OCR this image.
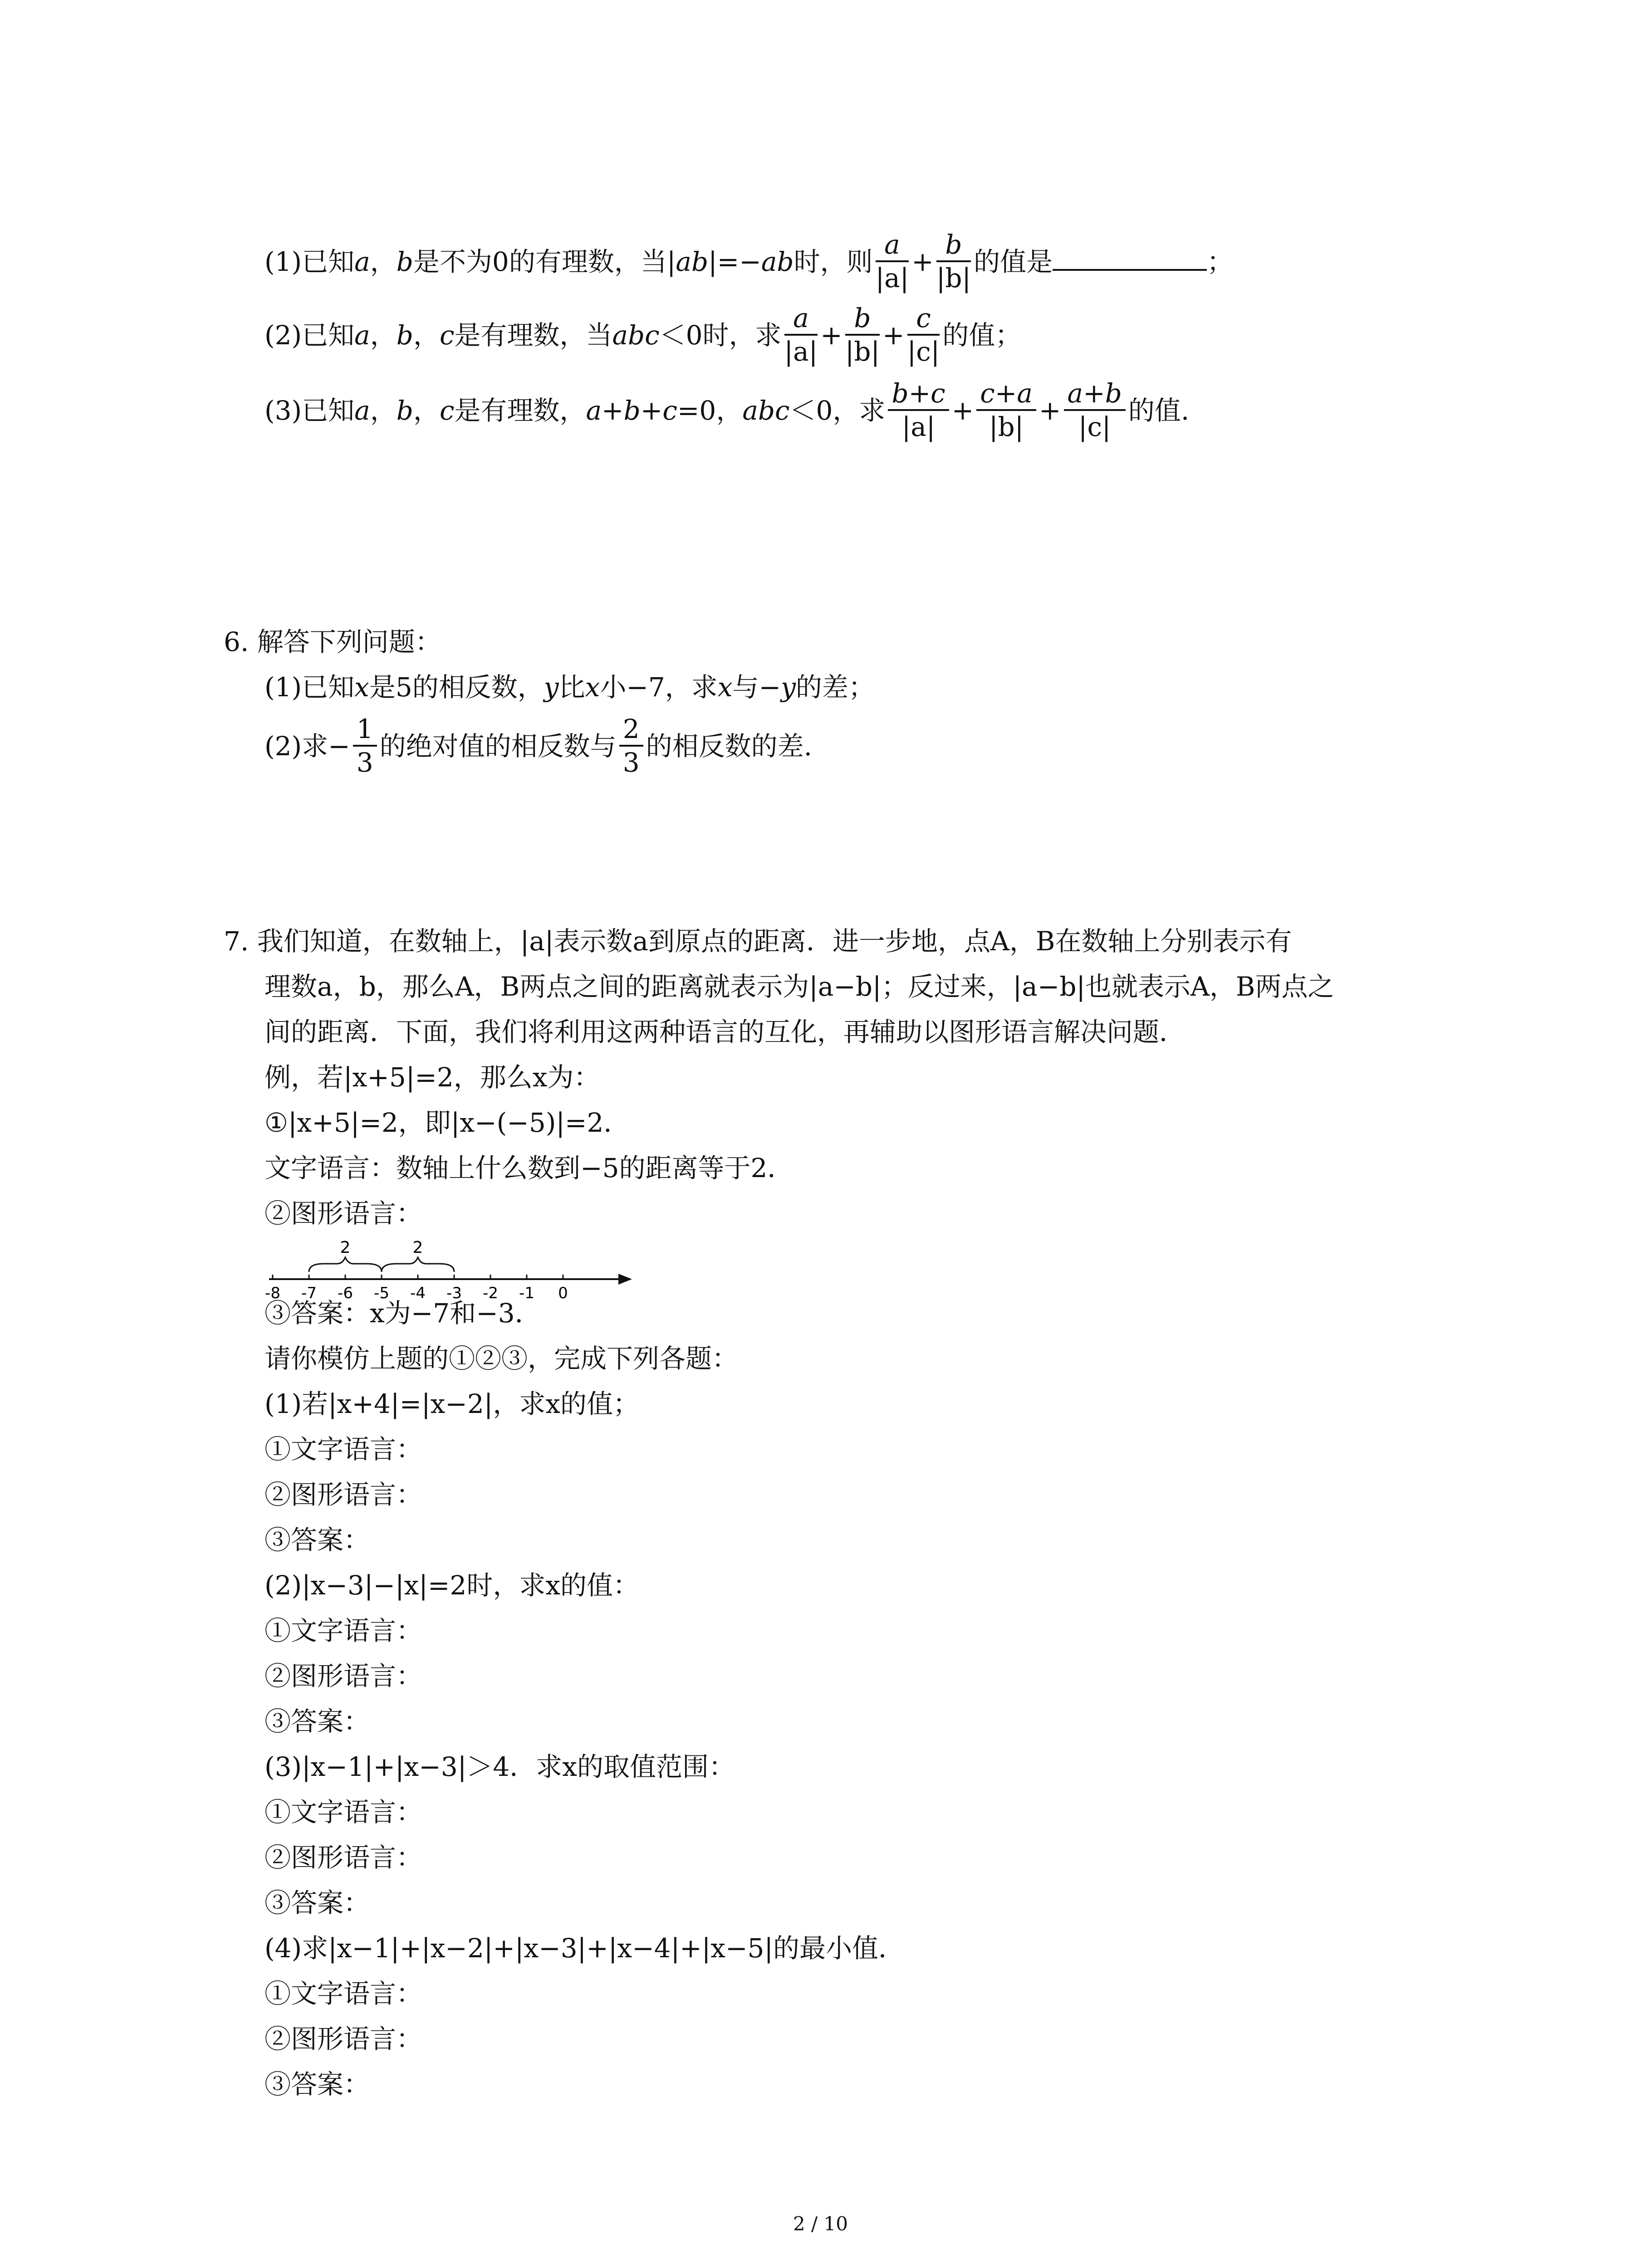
(1)已知a，b是不为0的有理数，当|ab|=−ab时，则 $\frac{a}{|a|} + \frac{b}{|b|}$ 的值是	；
(2)已知a，b，c是有理数，当abc＜0时，求 $\frac{a}{|a|} + \frac{b}{|b|} + \frac{c}{|c|}$ 的值；
(3)已知a，b，c是有理数，a+b+c=0，abc＜0，求 $\frac{b+c}{|a|} + \frac{c+a}{|b|} + \frac{a+b}{|c|}$ 的值.
6. 解答下列问题：
(1)已知x是5的相反数，y比x小−7，求x与−y的差；
(2)求− $\frac{1}{3}$ 的绝对值的相反数与 $\frac{2}{3}$ 的相反数的差.
7. 我们知道，在数轴上，|a|表示数a到原点的距离．进一步地，点A，B在数轴上分别表示有
理数a，b，那么A，B两点之间的距离就表示为|a−b|；反过来，|a−b|也就表示A，B两点之
间的距离．下面，我们将利用这两种语言的互化，再辅助以图形语言解决问题．
例，若|x+5|=2，那么x为：
①|x+5|=2，即|x−(−5)|=2．
文字语言：数轴上什么数到−5的距离等于2．
②图形语言：
-8 -7 -6 -5 -4 -3 -2 -1 0
2	2
③答案：x为−7和−3．
请你模仿上题的①②③，完成下列各题：
(1)若|x+4|=|x−2|，求x的值；
①文字语言：
②图形语言：
③答案：
(2)|x−3|−|x|=2时，求x的值：
①文字语言：
②图形语言：
③答案：
(3)|x−1|+|x−3|＞4．求x的取值范围：
①文字语言：
②图形语言：
③答案：
(4)求|x−1|+|x−2|+|x−3|+|x−4|+|x−5|的最小值．
①文字语言：
②图形语言：
③答案：
2 / 10
